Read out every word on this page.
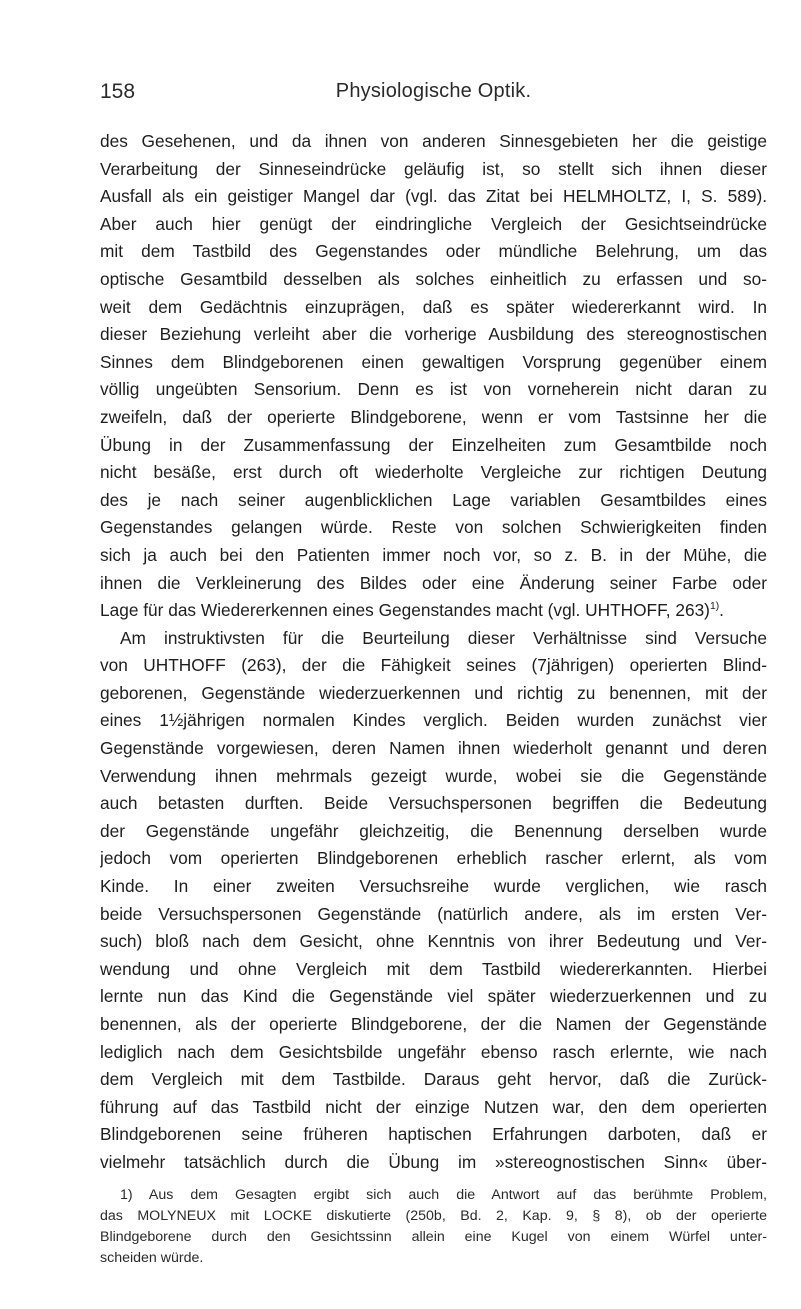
158	Physiologische Optik.
des Gesehenen, und da ihnen von anderen Sinnesgebieten her die geistige
Verarbeitung der Sinneseindrücke geläufig ist, so stellt sich ihnen dieser
Ausfall als ein geistiger Mangel dar (vgl. das Zitat bei HELMHOLTZ, I, S. 589).
Aber auch hier genügt der eindringliche Vergleich der Gesichtseindrücke
mit dem Tastbild des Gegenstandes oder mündliche Belehrung, um das
optische Gesamtbild desselben als solches einheitlich zu erfassen und so-
weit dem Gedächtnis einzuprägen, daß es später wiedererkannt wird. In
dieser Beziehung verleiht aber die vorherige Ausbildung des stereognostischen
Sinnes dem Blindgeborenen einen gewaltigen Vorsprung gegenüber einem
völlig ungeübten Sensorium. Denn es ist von vorneherein nicht daran zu
zweifeln, daß der operierte Blindgeborene, wenn er vom Tastsinne her die
Übung in der Zusammenfassung der Einzelheiten zum Gesamtbilde noch
nicht besäße, erst durch oft wiederholte Vergleiche zur richtigen Deutung
des je nach seiner augenblicklichen Lage variablen Gesamtbildes eines
Gegenstandes gelangen würde. Reste von solchen Schwierigkeiten finden
sich ja auch bei den Patienten immer noch vor, so z. B. in der Mühe, die
ihnen die Verkleinerung des Bildes oder eine Änderung seiner Farbe oder
Lage für das Wiedererkennen eines Gegenstandes macht (vgl. UHTHOFF, 263)$^{1)}$.
Am instruktivsten für die Beurteilung dieser Verhältnisse sind Versuche
von UHTHOFF (263), der die Fähigkeit seines (7jährigen) operierten Blind-
geborenen, Gegenstände wiederzuerkennen und richtig zu benennen, mit der
eines 1½jährigen normalen Kindes verglich. Beiden wurden zunächst vier
Gegenstände vorgewiesen, deren Namen ihnen wiederholt genannt und deren
Verwendung ihnen mehrmals gezeigt wurde, wobei sie die Gegenstände
auch betasten durften. Beide Versuchspersonen begriffen die Bedeutung
der Gegenstände ungefähr gleichzeitig, die Benennung derselben wurde
jedoch vom operierten Blindgeborenen erheblich rascher erlernt, als vom
Kinde. In einer zweiten Versuchsreihe wurde verglichen, wie rasch
beide Versuchspersonen Gegenstände (natürlich andere, als im ersten Ver-
such) bloß nach dem Gesicht, ohne Kenntnis von ihrer Bedeutung und Ver-
wendung und ohne Vergleich mit dem Tastbild wiedererkannten. Hierbei
lernte nun das Kind die Gegenstände viel später wiederzuerkennen und zu
benennen, als der operierte Blindgeborene, der die Namen der Gegenstände
lediglich nach dem Gesichtsbilde ungefähr ebenso rasch erlernte, wie nach
dem Vergleich mit dem Tastbilde. Daraus geht hervor, daß die Zurück-
führung auf das Tastbild nicht der einzige Nutzen war, den dem operierten
Blindgeborenen seine früheren haptischen Erfahrungen darboten, daß er
vielmehr tatsächlich durch die Übung im »stereognostischen Sinn« über-
1) Aus dem Gesagten ergibt sich auch die Antwort auf das berühmte Problem,
das MOLYNEUX mit LOCKE diskutierte (250b, Bd. 2, Kap. 9, § 8), ob der operierte
Blindgeborene durch den Gesichtssinn allein eine Kugel von einem Würfel unter-
scheiden würde.
